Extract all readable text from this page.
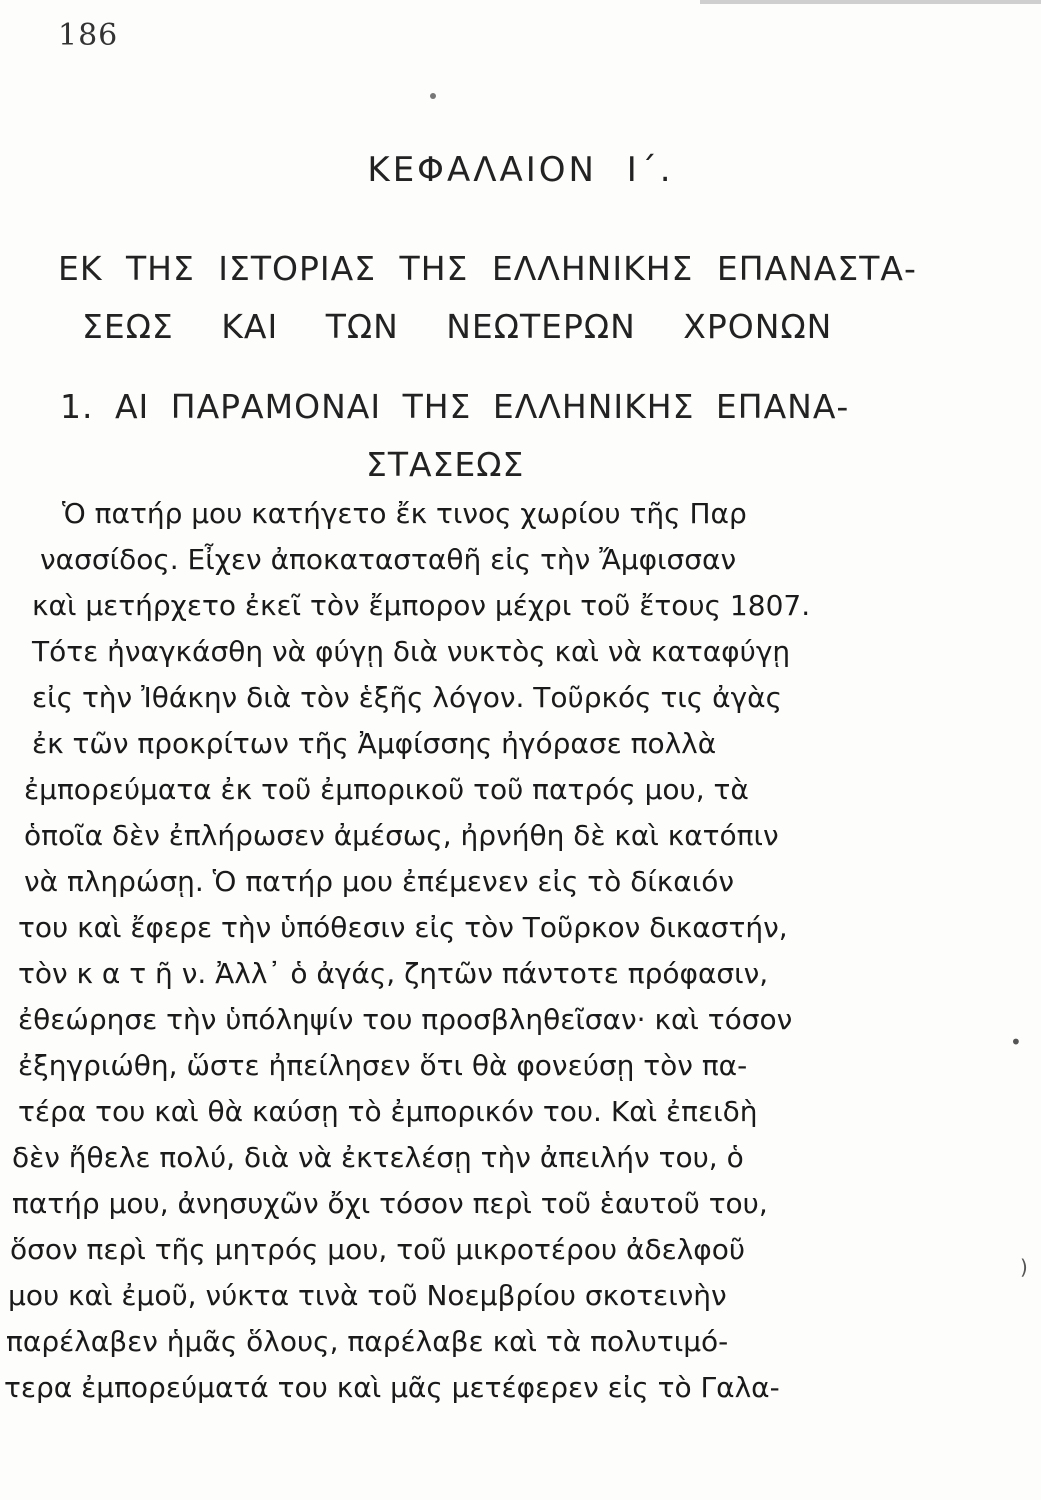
186
ΚΕΦΑΛΑΙΟΝ Ι΄.
ΕΚ ΤΗΣ ΙΣΤΟΡΙΑΣ ΤΗΣ ΕΛΛΗΝΙΚΗΣ ΕΠΑΝΑΣΤΑ-
ΣΕΩΣ ΚΑΙ ΤΩΝ ΝΕΩΤΕΡΩΝ ΧΡΟΝΩΝ
1. ΑΙ ΠΑΡΑΜΟΝΑΙ ΤΗΣ ΕΛΛΗΝΙΚΗΣ ΕΠΑΝΑ-
ΣΤΑΣΕΩΣ
Ὁ πατήρ μου κατήγετο ἔκ τινος χωρίου τῆς Παρ
νασσίδος. Εἶχεν ἀποκατασταθῆ εἰς τὴν Ἄμφισσαν
καὶ μετήρχετο ἐκεῖ τὸν ἔμπορον μέχρι τοῦ ἔτους 1807.
Τότε ἠναγκάσθη νὰ φύγῃ διὰ νυκτὸς καὶ νὰ καταφύγῃ
εἰς τὴν Ἰθάκην διὰ τὸν ἑξῆς λόγον. Τοῦρκός τις ἀγὰς
ἐκ τῶν προκρίτων τῆς Ἀμφίσσης ἠγόρασε πολλὰ
ἐμπορεύματα ἐκ τοῦ ἐμπορικοῦ τοῦ πατρός μου, τὰ
ὁποῖα δὲν ἐπλήρωσεν ἀμέσως, ἠρνήθη δὲ καὶ κατόπιν
νὰ πληρώσῃ. Ὁ πατήρ μου ἐπέμενεν εἰς τὸ δίκαιόν
του καὶ ἔφερε τὴν ὑπόθεσιν εἰς τὸν Τοῦρκον δικαστήν,
τὸν κ α τ ῆ ν. Ἀλλ᾽ ὁ ἀγάς, ζητῶν πάντοτε πρόφασιν,
ἐθεώρησε τὴν ὑπόληψίν του προσβληθεῖσαν· καὶ τόσον
ἐξηγριώθη, ὥστε ἠπείλησεν ὅτι θὰ φονεύσῃ τὸν πα-
τέρα του καὶ θὰ καύσῃ τὸ ἐμπορικόν του. Καὶ ἐπειδὴ
δὲν ἤθελε πολύ, διὰ νὰ ἐκτελέσῃ τὴν ἀπειλήν του, ὁ
πατήρ μου, ἀνησυχῶν ὄχι τόσον περὶ τοῦ ἑαυτοῦ του,
ὅσον περὶ τῆς μητρός μου, τοῦ μικροτέρου ἀδελφοῦ
μου καὶ ἐμοῦ, νύκτα τινὰ τοῦ Νοεμβρίου σκοτεινὴν
παρέλαβεν ἡμᾶς ὅλους, παρέλαβε καὶ τὰ πολυτιμό-
τερα ἐμπορεύματά του καὶ μᾶς μετέφερεν εἰς τὸ Γαλα-
•
)
